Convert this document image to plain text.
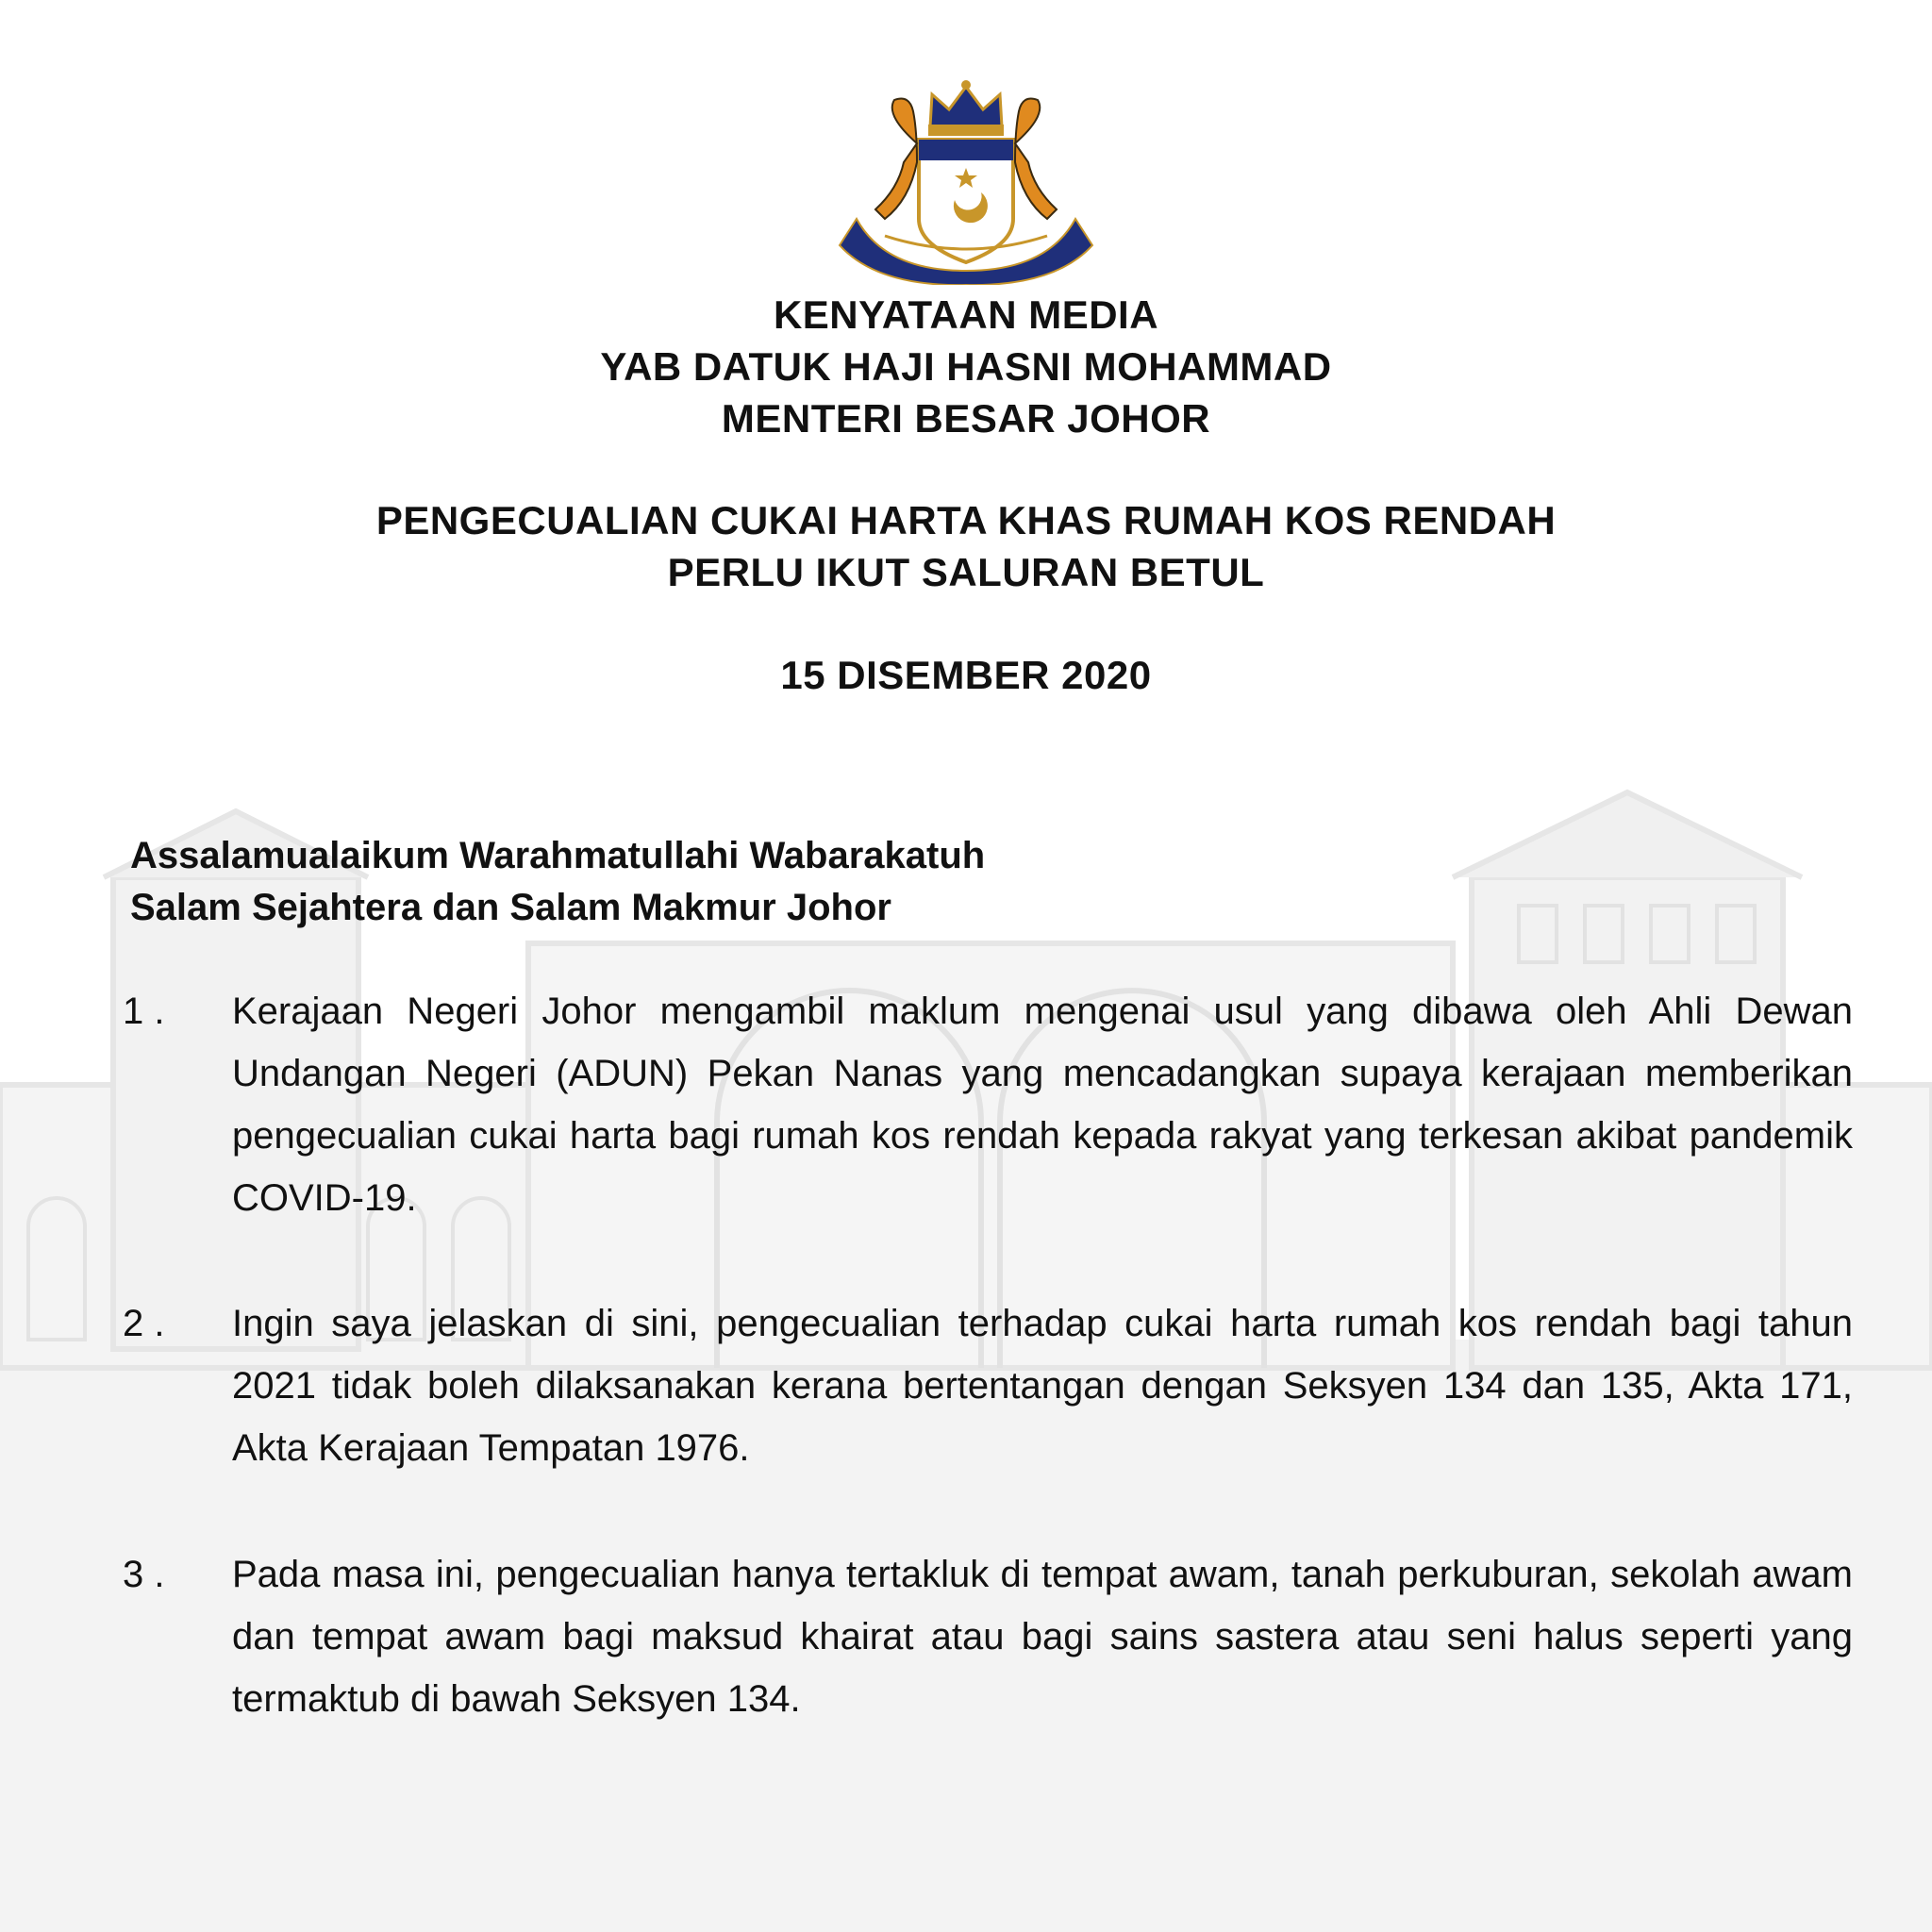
KENYATAAN MEDIA
YAB DATUK HAJI HASNI MOHAMMAD
MENTERI BESAR JOHOR
PENGECUALIAN CUKAI HARTA KHAS RUMAH KOS RENDAH
PERLU IKUT SALURAN BETUL
15 DISEMBER 2020
Assalamualaikum Warahmatullahi Wabarakatuh
Salam Sejahtera dan Salam Makmur Johor
1 . Kerajaan Negeri Johor mengambil maklum mengenai usul yang dibawa oleh Ahli Dewan Undangan Negeri (ADUN) Pekan Nanas yang mencadangkan supaya kerajaan memberikan pengecualian cukai harta bagi rumah kos rendah kepada rakyat yang terkesan akibat pandemik COVID-19.
2 . Ingin saya jelaskan di sini, pengecualian terhadap cukai harta rumah kos rendah bagi tahun 2021 tidak boleh dilaksanakan kerana bertentangan dengan Seksyen 134 dan 135, Akta 171, Akta Kerajaan Tempatan 1976.
3 . Pada masa ini, pengecualian hanya tertakluk di tempat awam, tanah perkuburan, sekolah awam dan tempat awam bagi maksud khairat atau bagi sains sastera atau seni halus seperti yang termaktub di bawah Seksyen 134.
